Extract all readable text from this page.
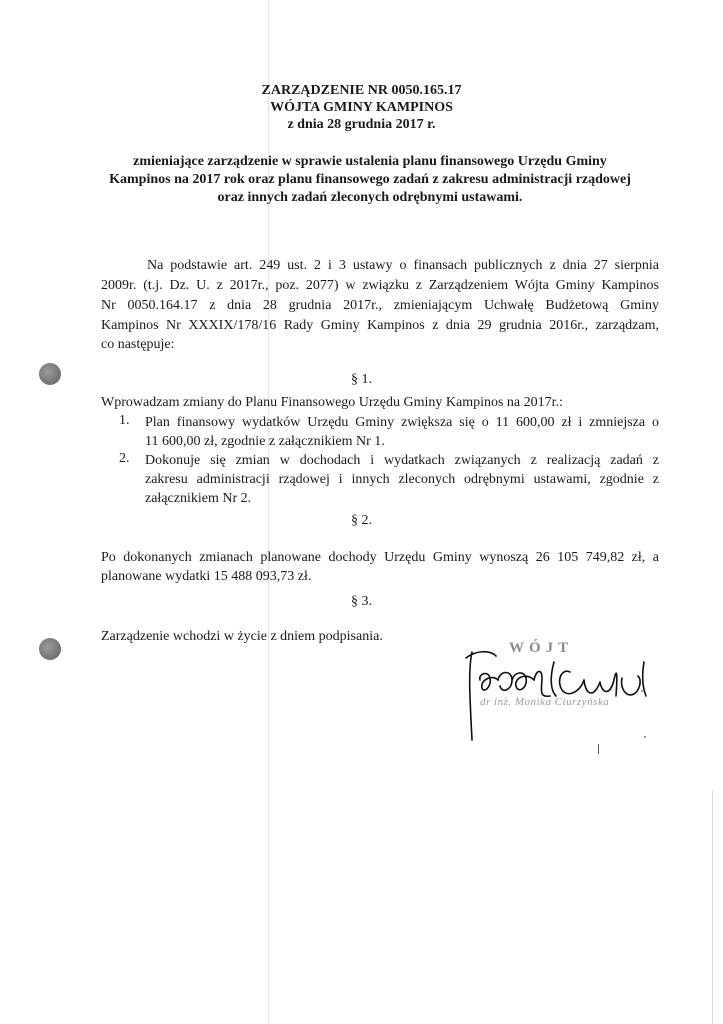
ZARZĄDZENIE NR 0050.165.17
WÓJTA GMINY KAMPINOS
z dnia 28 grudnia 2017 r.
zmieniające zarządzenie w sprawie ustalenia planu finansowego Urzędu Gminy
Kampinos na 2017 rok oraz planu finansowego zadań z zakresu administracji rządowej
oraz innych zadań zleconych odrębnymi ustawami.
Na podstawie art. 249 ust. 2 i 3 ustawy o finansach publicznych z dnia 27 sierpnia
2009r. (t.j. Dz. U. z 2017r., poz. 2077) w związku z Zarządzeniem Wójta Gminy Kampinos
Nr 0050.164.17 z dnia 28 grudnia 2017r., zmieniającym Uchwałę Budżetową Gminy
Kampinos Nr XXXIX/178/16 Rady Gminy Kampinos z dnia 29 grudnia 2016r., zarządzam,
co następuje:
§ 1.
Wprowadzam zmiany do Planu Finansowego Urzędu Gminy Kampinos na 2017r.:
1. Plan finansowy wydatków Urzędu Gminy zwiększa się o 11 600,00 zł i zmniejsza o
11 600,00 zł, zgodnie z załącznikiem Nr 1.
2. Dokonuje się zmian w dochodach i wydatkach związanych z realizacją zadań z
zakresu administracji rządowej i innych zleconych odrębnymi ustawami, zgodnie z
załącznikiem Nr 2.
§ 2.
Po dokonanych zmianach planowane dochody Urzędu Gminy wynoszą 26 105 749,82 zł, a
planowane wydatki 15 488 093,73 zł.
§ 3.
Zarządzenie wchodzi w życie z dniem podpisania.
WÓJT
dr inż. Monika Ciurzyńska
